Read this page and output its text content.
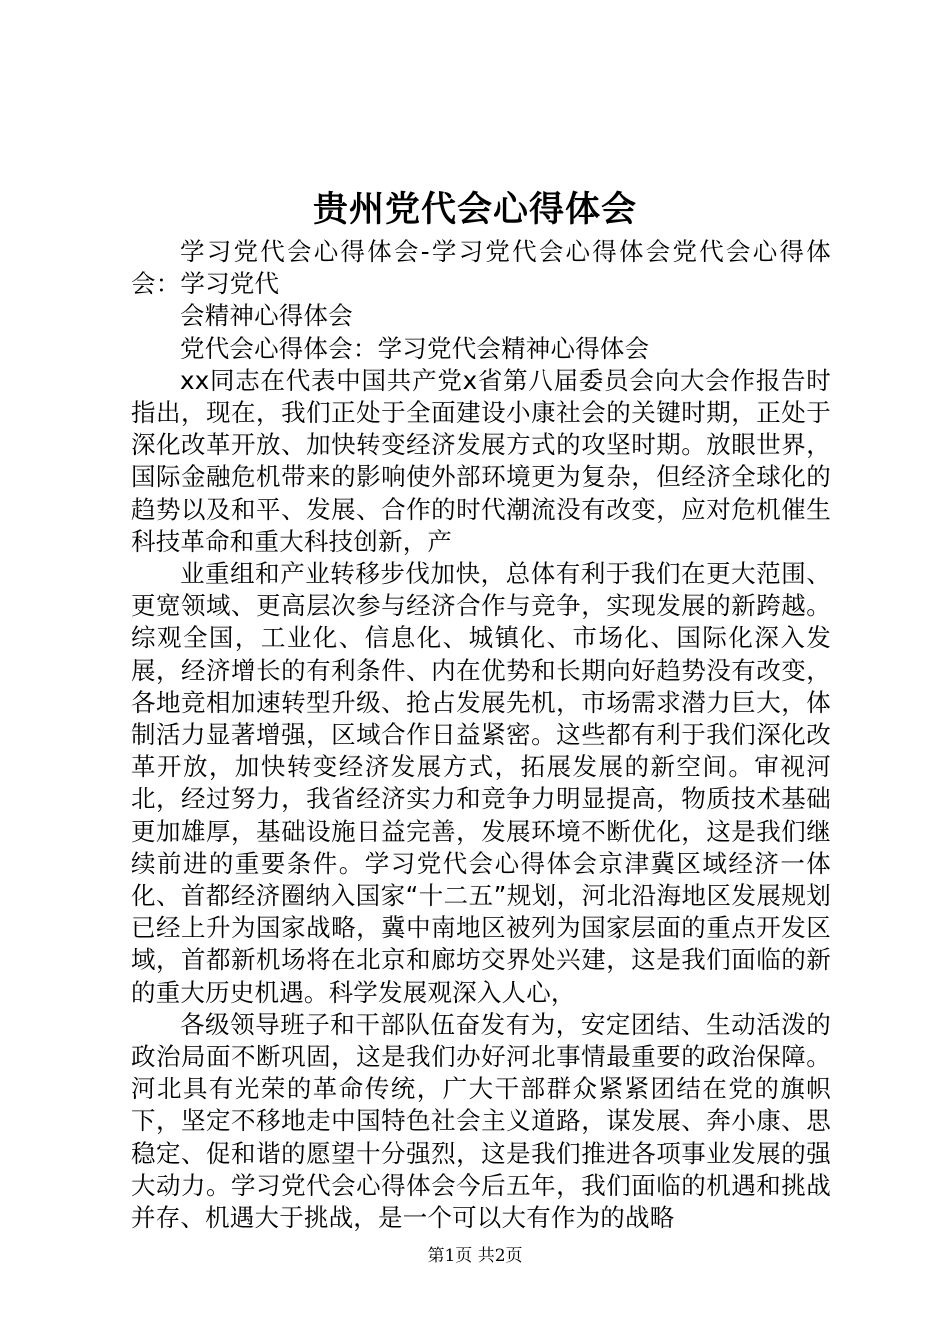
贵州党代会心得体会

学习党代会心得体会-学习党代会心得体会党代会心得体会：学习党代

会精神心得体会

党代会心得体会：学习党代会精神心得体会

xx同志在代表中国共产党x省第八届委员会向大会作报告时指出，现在，我们正处于全面建设小康社会的关键时期，正处于深化改革开放、加快转变经济发展方式的攻坚时期。放眼世界，国际金融危机带来的影响使外部环境更为复杂，但经济全球化的趋势以及和平、发展、合作的时代潮流没有改变，应对危机催生科技革命和重大科技创新，产

业重组和产业转移步伐加快，总体有利于我们在更大范围、更宽领域、更高层次参与经济合作与竞争，实现发展的新跨越。综观全国，工业化、信息化、城镇化、市场化、国际化深入发展，经济增长的有利条件、内在优势和长期向好趋势没有改变，各地竞相加速转型升级、抢占发展先机，市场需求潜力巨大，体制活力显著增强，区域合作日益紧密。这些都有利于我们深化改革开放，加快转变经济发展方式，拓展发展的新空间。审视河北，经过努力，我省经济实力和竞争力明显提高，物质技术基础更加雄厚，基础设施日益完善，发展环境不断优化，这是我们继续前进的重要条件。学习党代会心得体会京津冀区域经济一体化、首都经济圈纳入国家“十二五”规划，河北沿海地区发展规划已经上升为国家战略，冀中南地区被列为国家层面的重点开发区域，首都新机场将在北京和廊坊交界处兴建，这是我们面临的新的重大历史机遇。科学发展观深入人心，

各级领导班子和干部队伍奋发有为，安定团结、生动活泼的政治局面不断巩固，这是我们办好河北事情最重要的政治保障。河北具有光荣的革命传统，广大干部群众紧紧团结在党的旗帜下，坚定不移地走中国特色社会主义道路，谋发展、奔小康、思稳定、促和谐的愿望十分强烈，这是我们推进各项事业发展的强大动力。学习党代会心得体会今后五年，我们面临的机遇和挑战并存、机遇大于挑战，是一个可以大有作为的战略

第1页 共2页
